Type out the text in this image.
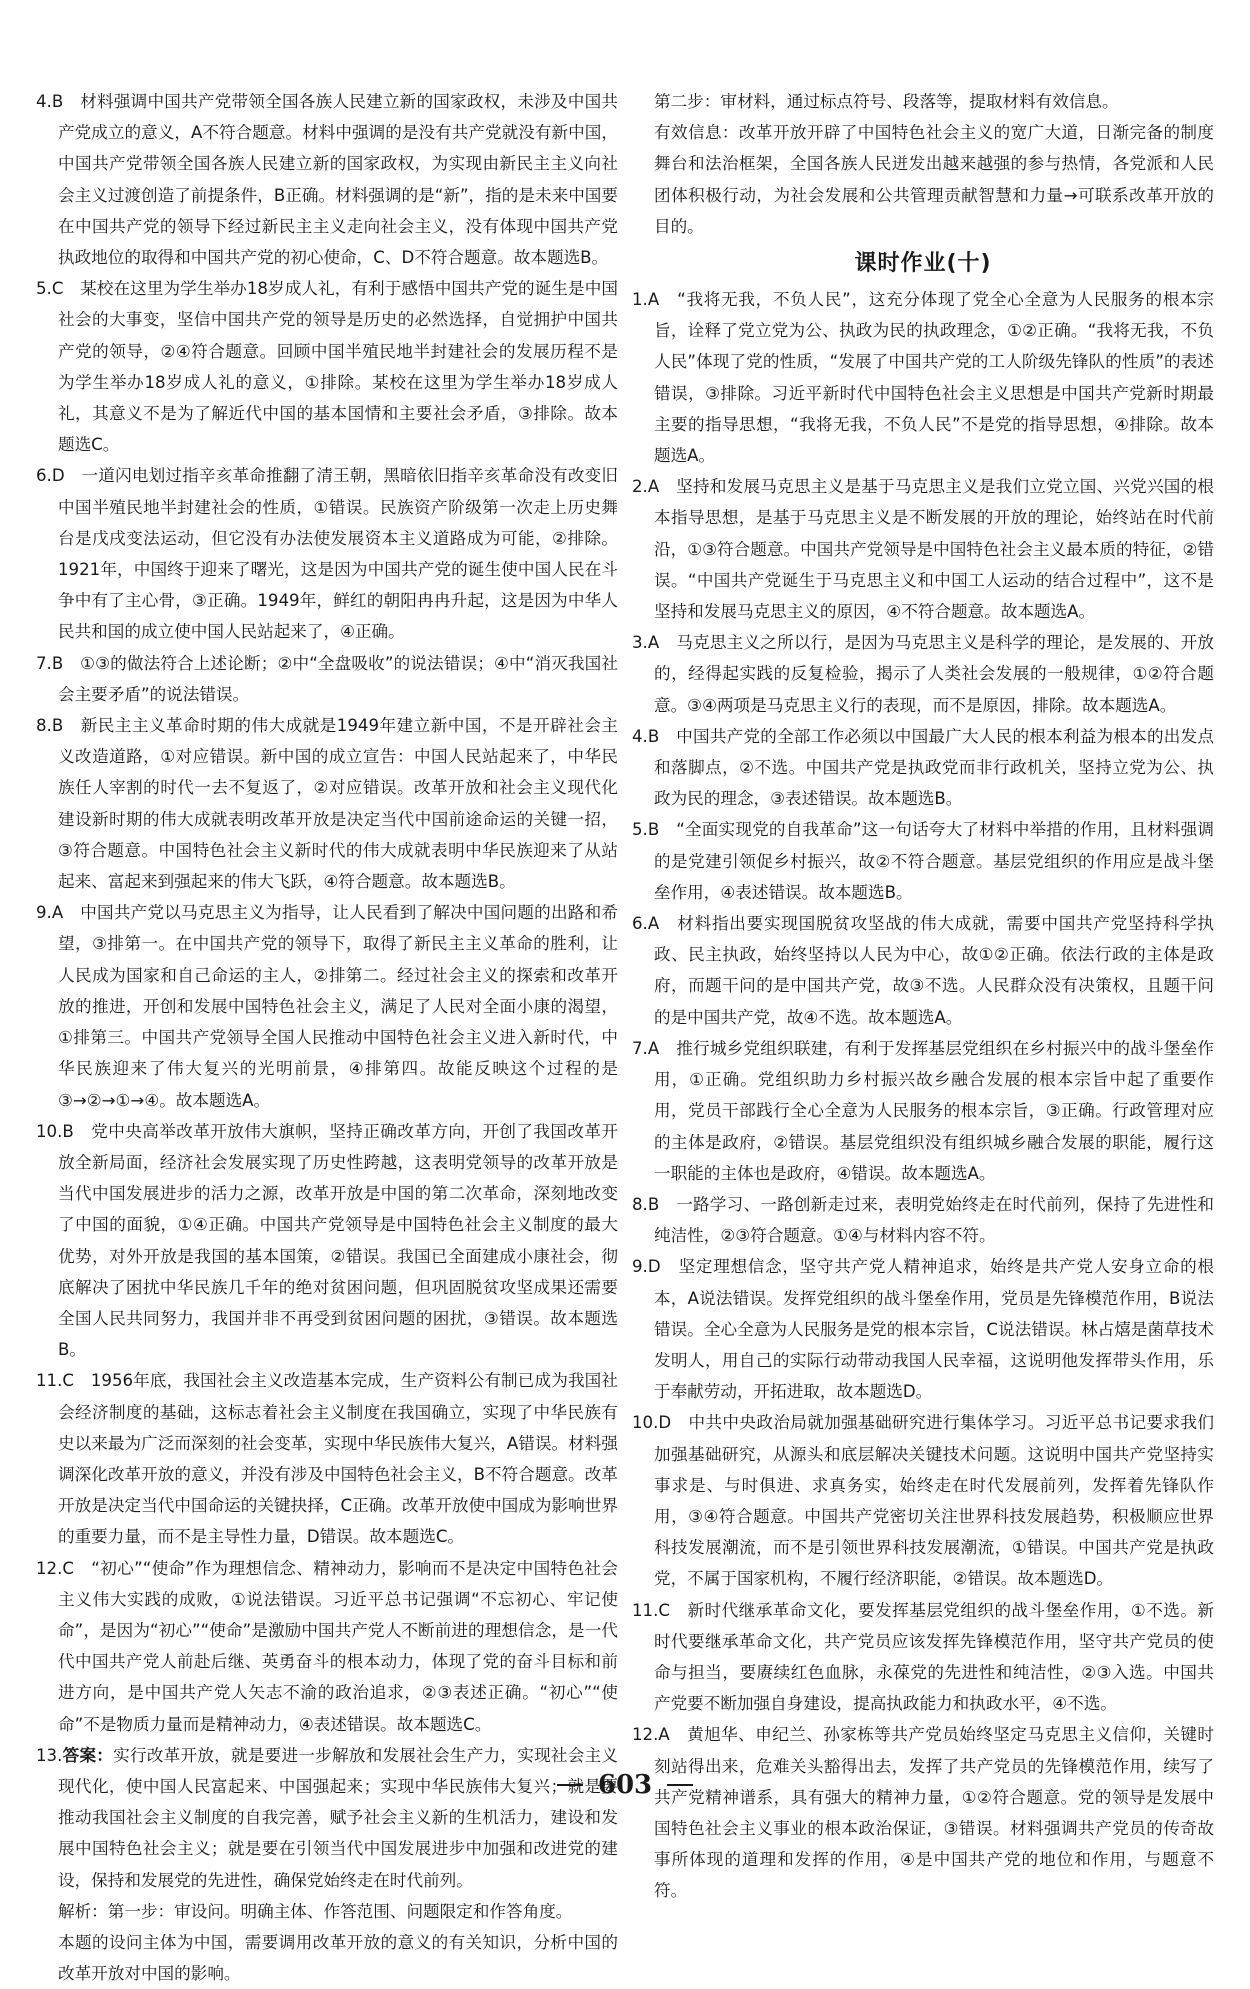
4.B　材料强调中国共产党带领全国各族人民建立新的国家政权，未涉及中国共产党成立的意义，A不符合题意。材料中强调的是没有共产党就没有新中国，中国共产党带领全国各族人民建立新的国家政权，为实现由新民主主义向社会主义过渡创造了前提条件，B正确。材料强调的是“新”，指的是未来中国要在中国共产党的领导下经过新民主主义走向社会主义，没有体现中国共产党执政地位的取得和中国共产党的初心使命，C、D不符合题意。故本题选B。

5.C　某校在这里为学生举办18岁成人礼，有利于感悟中国共产党的诞生是中国社会的大事变，坚信中国共产党的领导是历史的必然选择，自觉拥护中国共产党的领导，②④符合题意。回顾中国半殖民地半封建社会的发展历程不是为学生举办18岁成人礼的意义，①排除。某校在这里为学生举办18岁成人礼，其意义不是为了解近代中国的基本国情和主要社会矛盾，③排除。故本题选C。

6.D　一道闪电划过指辛亥革命推翻了清王朝，黑暗依旧指辛亥革命没有改变旧中国半殖民地半封建社会的性质，①错误。民族资产阶级第一次走上历史舞台是戊戌变法运动，但它没有办法使发展资本主义道路成为可能，②排除。1921年，中国终于迎来了曙光，这是因为中国共产党的诞生使中国人民在斗争中有了主心骨，③正确。1949年，鲜红的朝阳冉冉升起，这是因为中华人民共和国的成立使中国人民站起来了，④正确。

7.B　①③的做法符合上述论断；②中“全盘吸收”的说法错误；④中“消灭我国社会主要矛盾”的说法错误。

8.B　新民主主义革命时期的伟大成就是1949年建立新中国，不是开辟社会主义改造道路，①对应错误。新中国的成立宣告：中国人民站起来了，中华民族任人宰割的时代一去不复返了，②对应错误。改革开放和社会主义现代化建设新时期的伟大成就表明改革开放是决定当代中国前途命运的关键一招，③符合题意。中国特色社会主义新时代的伟大成就表明中华民族迎来了从站起来、富起来到强起来的伟大飞跃，④符合题意。故本题选B。

9.A　中国共产党以马克思主义为指导，让人民看到了解决中国问题的出路和希望，③排第一。在中国共产党的领导下，取得了新民主主义革命的胜利，让人民成为国家和自己命运的主人，②排第二。经过社会主义的探索和改革开放的推进，开创和发展中国特色社会主义，满足了人民对全面小康的渴望，①排第三。中国共产党领导全国人民推动中国特色社会主义进入新时代，中华民族迎来了伟大复兴的光明前景，④排第四。故能反映这个过程的是③→②→①→④。故本题选A。

10.B　党中央高举改革开放伟大旗帜，坚持正确改革方向，开创了我国改革开放全新局面，经济社会发展实现了历史性跨越，这表明党领导的改革开放是当代中国发展进步的活力之源，改革开放是中国的第二次革命，深刻地改变了中国的面貌，①④正确。中国共产党领导是中国特色社会主义制度的最大优势，对外开放是我国的基本国策，②错误。我国已全面建成小康社会，彻底解决了困扰中华民族几千年的绝对贫困问题，但巩固脱贫攻坚成果还需要全国人民共同努力，我国并非不再受到贫困问题的困扰，③错误。故本题选B。

11.C　1956年底，我国社会主义改造基本完成，生产资料公有制已成为我国社会经济制度的基础，这标志着社会主义制度在我国确立，实现了中华民族有史以来最为广泛而深刻的社会变革，实现中华民族伟大复兴，A错误。材料强调深化改革开放的意义，并没有涉及中国特色社会主义，B不符合题意。改革开放是决定当代中国命运的关键抉择，C正确。改革开放使中国成为影响世界的重要力量，而不是主导性力量，D错误。故本题选C。

12.C　“初心”“使命”作为理想信念、精神动力，影响而不是决定中国特色社会主义伟大实践的成败，①说法错误。习近平总书记强调“不忘初心、牢记使命”，是因为“初心”“使命”是激励中国共产党人不断前进的理想信念，是一代代中国共产党人前赴后继、英勇奋斗的根本动力，体现了党的奋斗目标和前进方向，是中国共产党人矢志不渝的政治追求，②③表述正确。“初心”“使命”不是物质力量而是精神动力，④表述错误。故本题选C。

13.答案：实行改革开放，就是要进一步解放和发展社会生产力，实现社会主义现代化，使中国人民富起来、中国强起来；实现中华民族伟大复兴；就是要推动我国社会主义制度的自我完善，赋予社会主义新的生机活力，建设和发展中国特色社会主义；就是要在引领当代中国发展进步中加强和改进党的建设，保持和发展党的先进性，确保党始终走在时代前列。

解析：第一步：审设问。明确主体、作答范围、问题限定和作答角度。

本题的设问主体为中国，需要调用改革开放的意义的有关知识，分析中国的改革开放对中国的影响。

第二步：审材料，通过标点符号、段落等，提取材料有效信息。

有效信息：改革开放开辟了中国特色社会主义的宽广大道，日渐完备的制度舞台和法治框架，全国各族人民迸发出越来越强的参与热情，各党派和人民团体积极行动，为社会发展和公共管理贡献智慧和力量→可联系改革开放的目的。

课时作业(十)

1.A　“我将无我，不负人民”，这充分体现了党全心全意为人民服务的根本宗旨，诠释了党立党为公、执政为民的执政理念，①②正确。“我将无我，不负人民”体现了党的性质，“发展了中国共产党的工人阶级先锋队的性质”的表述错误，③排除。习近平新时代中国特色社会主义思想是中国共产党新时期最主要的指导思想，“我将无我，不负人民”不是党的指导思想，④排除。故本题选A。

2.A　坚持和发展马克思主义是基于马克思主义是我们立党立国、兴党兴国的根本指导思想，是基于马克思主义是不断发展的开放的理论，始终站在时代前沿，①③符合题意。中国共产党领导是中国特色社会主义最本质的特征，②错误。“中国共产党诞生于马克思主义和中国工人运动的结合过程中”，这不是坚持和发展马克思主义的原因，④不符合题意。故本题选A。

3.A　马克思主义之所以行，是因为马克思主义是科学的理论，是发展的、开放的，经得起实践的反复检验，揭示了人类社会发展的一般规律，①②符合题意。③④两项是马克思主义行的表现，而不是原因，排除。故本题选A。

4.B　中国共产党的全部工作必须以中国最广大人民的根本利益为根本的出发点和落脚点，②不选。中国共产党是执政党而非行政机关，坚持立党为公、执政为民的理念，③表述错误。故本题选B。

5.B　“全面实现党的自我革命”这一句话夸大了材料中举措的作用，且材料强调的是党建引领促乡村振兴，故②不符合题意。基层党组织的作用应是战斗堡垒作用，④表述错误。故本题选B。

6.A　材料指出要实现国脱贫攻坚战的伟大成就，需要中国共产党坚持科学执政、民主执政，始终坚持以人民为中心，故①②正确。依法行政的主体是政府，而题干问的是中国共产党，故③不选。人民群众没有决策权，且题干问的是中国共产党，故④不选。故本题选A。

7.A　推行城乡党组织联建，有利于发挥基层党组织在乡村振兴中的战斗堡垒作用，①正确。党组织助力乡村振兴故乡融合发展的根本宗旨中起了重要作用，党员干部践行全心全意为人民服务的根本宗旨，③正确。行政管理对应的主体是政府，②错误。基层党组织没有组织城乡融合发展的职能，履行这一职能的主体也是政府，④错误。故本题选A。

8.B　一路学习、一路创新走过来，表明党始终走在时代前列，保持了先进性和纯洁性，②③符合题意。①④与材料内容不符。

9.D　坚定理想信念，坚守共产党人精神追求，始终是共产党人安身立命的根本，A说法错误。发挥党组织的战斗堡垒作用，党员是先锋模范作用，B说法错误。全心全意为人民服务是党的根本宗旨，C说法错误。林占熺是菌草技术发明人，用自己的实际行动带动我国人民幸福，这说明他发挥带头作用，乐于奉献劳动，开拓进取，故本题选D。

10.D　中共中央政治局就加强基础研究进行集体学习。习近平总书记要求我们加强基础研究，从源头和底层解决关键技术问题。这说明中国共产党坚持实事求是、与时俱进、求真务实，始终走在时代发展前列，发挥着先锋队作用，③④符合题意。中国共产党密切关注世界科技发展趋势，积极顺应世界科技发展潮流，而不是引领世界科技发展潮流，①错误。中国共产党是执政党，不属于国家机构，不履行经济职能，②错误。故本题选D。

11.C　新时代继承革命文化，要发挥基层党组织的战斗堡垒作用，①不选。新时代要继承革命文化，共产党员应该发挥先锋模范作用，坚守共产党员的使命与担当，要赓续红色血脉，永葆党的先进性和纯洁性，②③入选。中国共产党要不断加强自身建设，提高执政能力和执政水平，④不选。

12.A　黄旭华、申纪兰、孙家栋等共产党员始终坚定马克思主义信仰，关键时刻站得出来，危难关头豁得出去，发挥了共产党员的先锋模范作用，续写了共产党精神谱系，具有强大的精神力量，①②符合题意。党的领导是发展中国特色社会主义事业的根本政治保证，③错误。材料强调共产党员的传奇故事所体现的道理和发挥的作用，④是中国共产党的地位和作用，与题意不符。

603
